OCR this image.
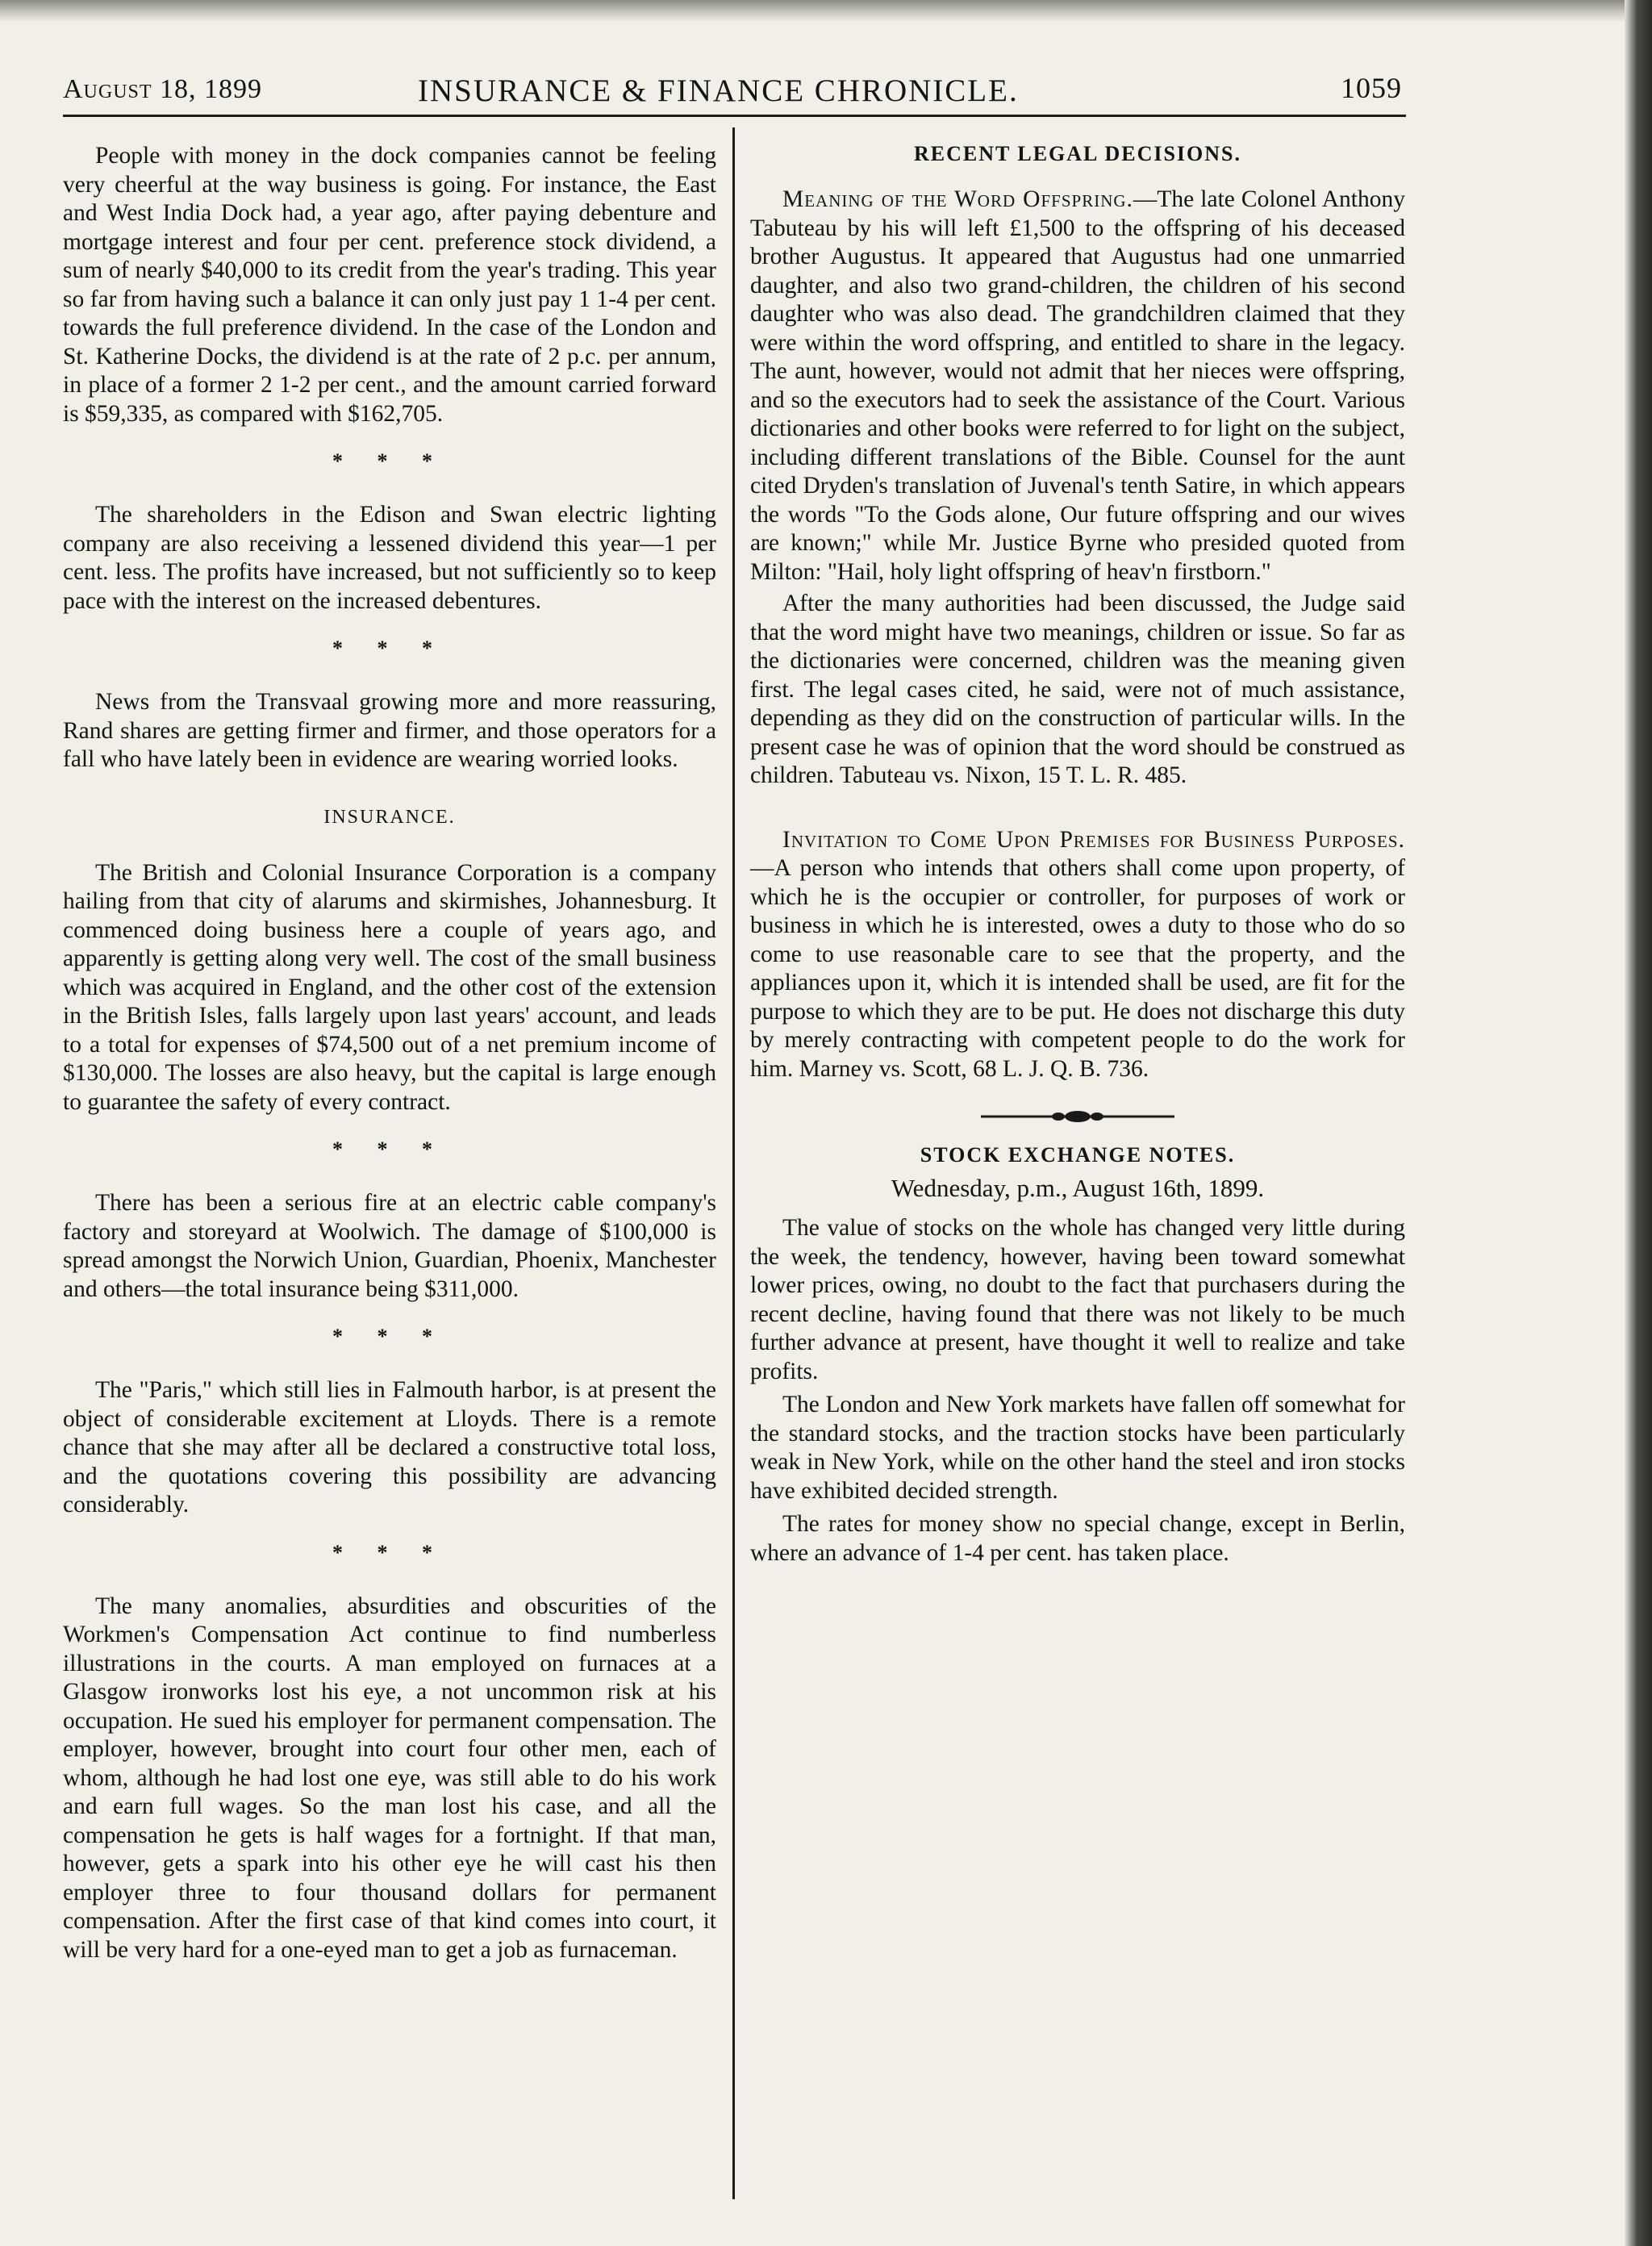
August 18, 1899	INSURANCE & FINANCE CHRONICLE.	1059

People with money in the dock companies cannot be feeling very cheerful at the way business is going. For instance, the East and West India Dock had, a year ago, after paying debenture and mortgage interest and four per cent. preference stock dividend, a sum of nearly $40,000 to its credit from the year's trading. This year so far from having such a balance it can only just pay 1 1-4 per cent. towards the full preference dividend. In the case of the London and St. Katherine Docks, the dividend is at the rate of 2 p.c. per annum, in place of a former 2 1-2 per cent., and the amount carried forward is $59,335, as compared with $162,705.

* * *

The shareholders in the Edison and Swan electric lighting company are also receiving a lessened dividend this year—1 per cent. less. The profits have increased, but not sufficiently so to keep pace with the interest on the increased debentures.

* * *

News from the Transvaal growing more and more reassuring, Rand shares are getting firmer and firmer, and those operators for a fall who have lately been in evidence are wearing worried looks.

INSURANCE.

The British and Colonial Insurance Corporation is a company hailing from that city of alarums and skirmishes, Johannesburg. It commenced doing business here a couple of years ago, and apparently is getting along very well. The cost of the small business which was acquired in England, and the other cost of the extension in the British Isles, falls largely upon last years' account, and leads to a total for expenses of $74,500 out of a net premium income of $130,000. The losses are also heavy, but the capital is large enough to guarantee the safety of every contract.

* * *

There has been a serious fire at an electric cable company's factory and storeyard at Woolwich. The damage of $100,000 is spread amongst the Norwich Union, Guardian, Phoenix, Manchester and others—the total insurance being $311,000.

* * *

The "Paris," which still lies in Falmouth harbor, is at present the object of considerable excitement at Lloyds. There is a remote chance that she may after all be declared a constructive total loss, and the quotations covering this possibility are advancing considerably.

* * *

The many anomalies, absurdities and obscurities of the Workmen's Compensation Act continue to find numberless illustrations in the courts. A man employed on furnaces at a Glasgow ironworks lost his eye, a not uncommon risk at his occupation. He sued his employer for permanent compensation. The employer, however, brought into court four other men, each of whom, although he had lost one eye, was still able to do his work and earn full wages. So the man lost his case, and all the compensation he gets is half wages for a fortnight. If that man, however, gets a spark into his other eye he will cast his then employer three to four thousand dollars for permanent compensation. After the first case of that kind comes into court, it will be very hard for a one-eyed man to get a job as furnaceman.

RECENT LEGAL DECISIONS.

Meaning of the Word Offspring.—The late Colonel Anthony Tabuteau by his will left £1,500 to the offspring of his deceased brother Augustus. It appeared that Augustus had one unmarried daughter, and also two grand-children, the children of his second daughter who was also dead. The grandchildren claimed that they were within the word offspring, and entitled to share in the legacy. The aunt, however, would not admit that her nieces were offspring, and so the executors had to seek the assistance of the Court. Various dictionaries and other books were referred to for light on the subject, including different translations of the Bible. Counsel for the aunt cited Dryden's translation of Juvenal's tenth Satire, in which appears the words "To the Gods alone, Our future offspring and our wives are known;" while Mr. Justice Byrne who presided quoted from Milton: "Hail, holy light offspring of heav'n firstborn."

After the many authorities had been discussed, the Judge said that the word might have two meanings, children or issue. So far as the dictionaries were concerned, children was the meaning given first. The legal cases cited, he said, were not of much assistance, depending as they did on the construction of particular wills. In the present case he was of opinion that the word should be construed as children. Tabuteau vs. Nixon, 15 T. L. R. 485.

Invitation to Come Upon Premises for Business Purposes.—A person who intends that others shall come upon property, of which he is the occupier or controller, for purposes of work or business in which he is interested, owes a duty to those who do so come to use reasonable care to see that the property, and the appliances upon it, which it is intended shall be used, are fit for the purpose to which they are to be put. He does not discharge this duty by merely contracting with competent people to do the work for him. Marney vs. Scott, 68 L. J. Q. B. 736.

STOCK EXCHANGE NOTES.
Wednesday, p.m., August 16th, 1899.

The value of stocks on the whole has changed very little during the week, the tendency, however, having been toward somewhat lower prices, owing, no doubt to the fact that purchasers during the recent decline, having found that there was not likely to be much further advance at present, have thought it well to realize and take profits.

The London and New York markets have fallen off somewhat for the standard stocks, and the traction stocks have been particularly weak in New York, while on the other hand the steel and iron stocks have exhibited decided strength.

The rates for money show no special change, except in Berlin, where an advance of 1-4 per cent. has taken place.
